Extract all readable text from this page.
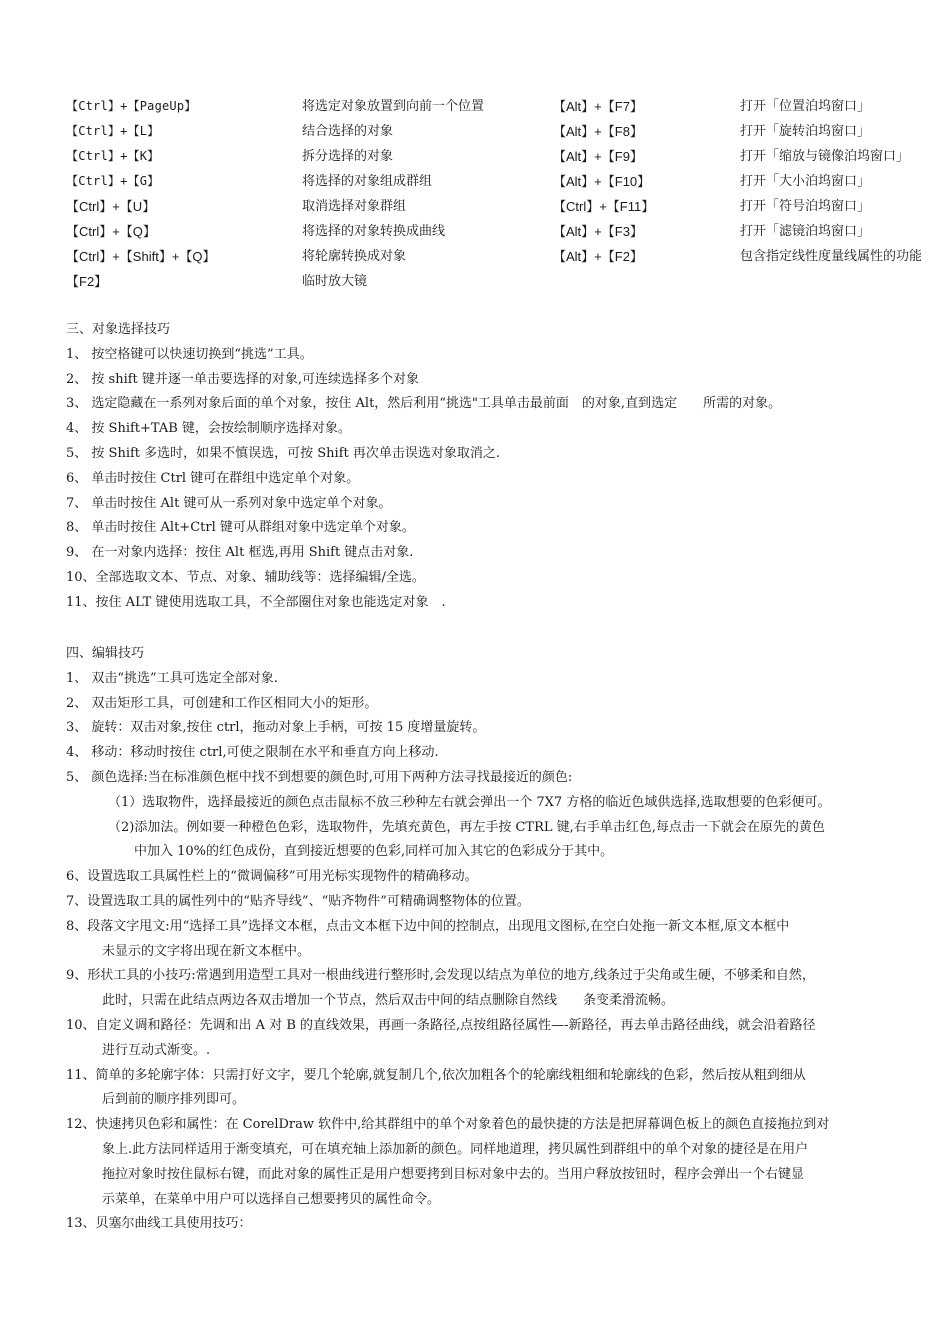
【Ctrl】+【PageUp】	将选定对象放置到向前一个位置	【Alt】+【F7】	打开「位置泊坞窗口」
【Ctrl】+【L】	结合选择的对象	【Alt】+【F8】	打开「旋转泊坞窗口」
【Ctrl】+【K】	拆分选择的对象	【Alt】+【F9】	打开「缩放与镜像泊坞窗口」
【Ctrl】+【G】	将选择的对象组成群组	【Alt】+【F10】	打开「大小泊坞窗口」
【Ctrl】+【U】	取消选择对象群组	【Ctrl】+【F11】	打开「符号泊坞窗口」
【Ctrl】+【Q】	将选择的对象转换成曲线	【Alt】+【F3】	打开「滤镜泊坞窗口」
【Ctrl】+【Shift】+【Q】	将轮廓转换成对象	【Alt】+【F2】	包含指定线性度量线属性的功能
【F2】	临时放大镜
三、对象选择技巧
1、 按空格键可以快速切换到“挑选”工具。
2、 按 shift 键并逐一单击要选择的对象,可连续选择多个对象
3、 选定隐藏在一系列对象后面的单个对象，按住 Alt，然后利用“挑选"工具单击最前面　的对象,直到选定　　所需的对象。
4、 按 Shift+TAB 键，会按绘制顺序选择对象。
5、 按 Shift 多选时，如果不慎误选，可按 Shift 再次单击误选对象取消之.
6、 单击时按住 Ctrl 键可在群组中选定单个对象。
7、 单击时按住 Alt 键可从一系列对象中选定单个对象。
8、 单击时按住 Alt+Ctrl 键可从群组对象中选定单个对象。
9、 在一对象内选择：按住 Alt 框选,再用 Shift 键点击对象.
10、全部选取文本、节点、对象、辅助线等：选择编辑/全选。
11、按住 ALT 键使用选取工具，不全部圈住对象也能选定对象　.
四、编辑技巧
1、 双击“挑选”工具可选定全部对象.
2、 双击矩形工具，可创建和工作区相同大小的矩形。
3、 旋转：双击对象,按住 ctrl，拖动对象上手柄，可按 15 度增量旋转。
4、 移动：移动时按住 ctrl,可使之限制在水平和垂直方向上移动.
5、 颜色选择:当在标准颜色框中找不到想要的颜色时,可用下两种方法寻找最接近的颜色:
（1）选取物件，选择最接近的颜色点击鼠标不放三秒种左右就会弹出一个 7X7 方格的临近色域供选择,选取想要的色彩便可。
（2)添加法。例如要一种橙色色彩，选取物件，先填充黄色，再左手按 CTRL 键,右手单击红色,每点击一下就会在原先的黄色
　　中加入 10%的红色成份，直到接近想要的色彩,同样可加入其它的色彩成分于其中。
6、设置选取工具属性栏上的“微调偏移”可用光标实现物件的精确移动。
7、设置选取工具的属性列中的“贴齐导线”、“贴齐物件”可精确调整物体的位置。
8、段落文字甩文:用“选择工具”选择文本框，点击文本框下边中间的控制点，出现甩文图标,在空白处拖一新文本框,原文本框中
未显示的文字将出现在新文本框中。
9、形状工具的小技巧:常遇到用造型工具对一根曲线进行整形时,会发现以结点为单位的地方,线条过于尖角或生硬，不够柔和自然，
此时，只需在此结点两边各双击增加一个节点，然后双击中间的结点删除自然线　　条变柔滑流畅。
10、自定义调和路径：先调和出 A 对 B 的直线效果，再画一条路径,点按组路径属性—-新路径，再去单击路径曲线，就会沿着路径
进行互动式渐变。.
11、简单的多轮廓字体：只需打好文字，要几个轮廓,就复制几个,依次加粗各个的轮廓线粗细和轮廓线的色彩，然后按从粗到细从
后到前的顺序排列即可。
12、快速拷贝色彩和属性：在 CorelDraw 软件中,给其群组中的单个对象着色的最快捷的方法是把屏幕调色板上的颜色直接拖拉到对
象上.此方法同样适用于渐变填充，可在填充轴上添加新的颜色。同样地道理，拷贝属性到群组中的单个对象的捷径是在用户
拖拉对象时按住鼠标右键，而此对象的属性正是用户想要拷到目标对象中去的。当用户释放按钮时，程序会弹出一个右键显
示菜单，在菜单中用户可以选择自己想要拷贝的属性命令。
13、贝塞尔曲线工具使用技巧：
